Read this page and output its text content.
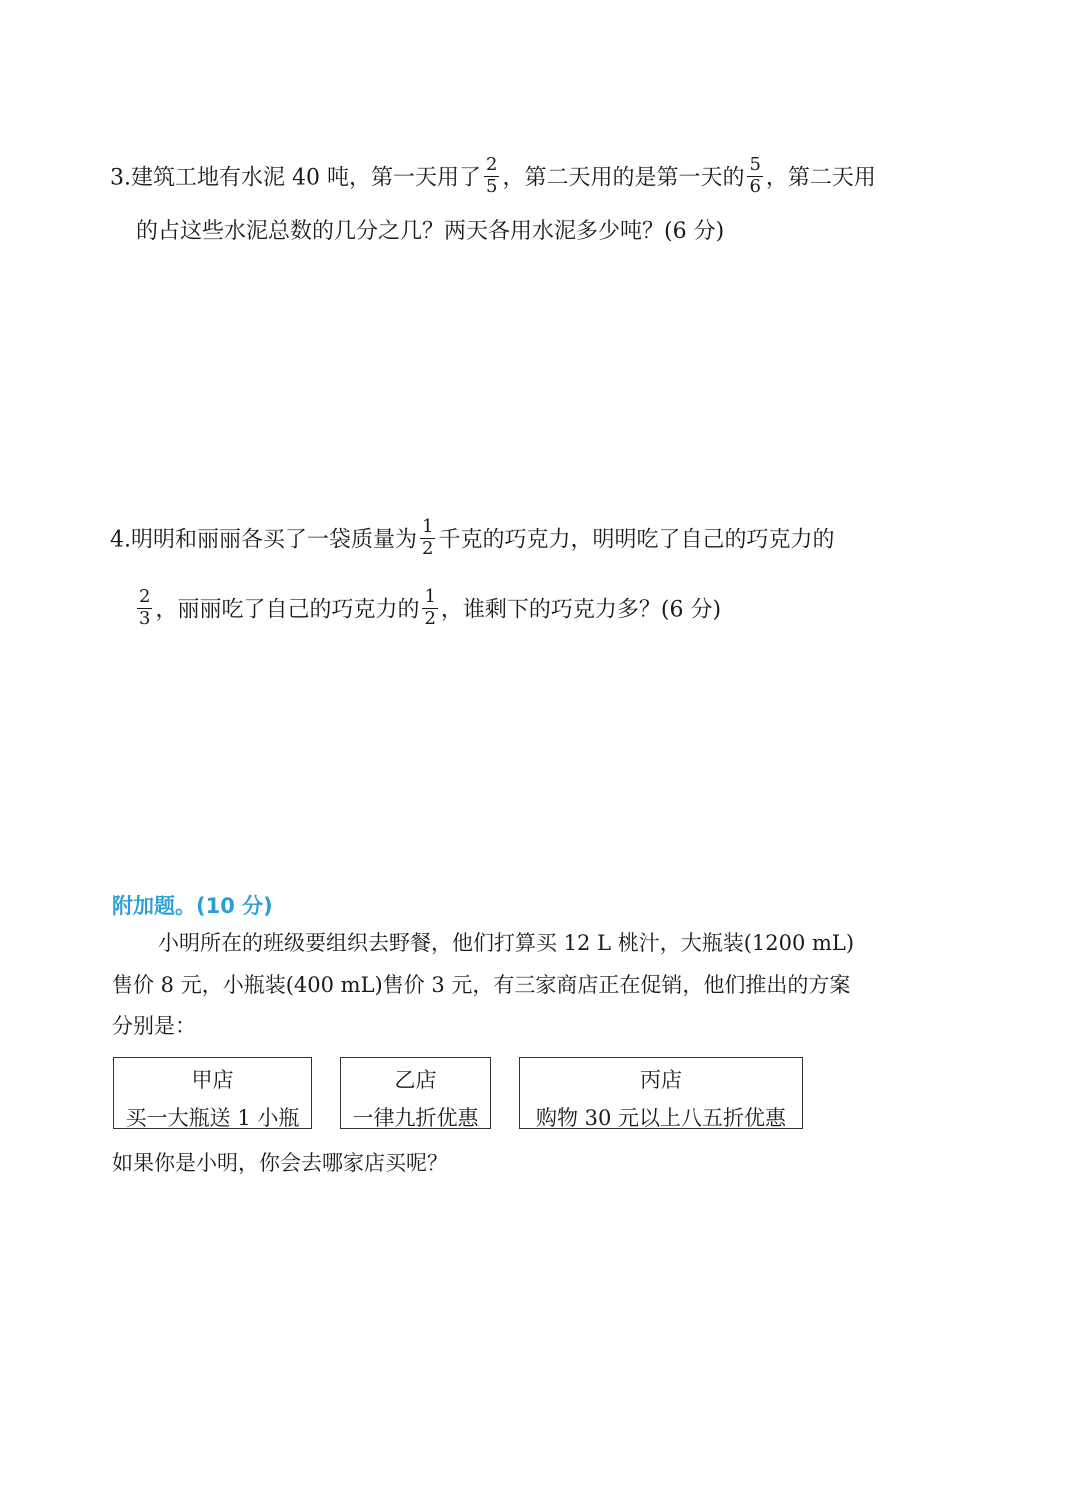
3.建筑工地有水泥 40 吨，第一天用了 $\frac{2}{5}$ ，第二天用的是第一天的 $\frac{5}{6}$ ，第二天用
的占这些水泥总数的几分之几？两天各用水泥多少吨？(6 分)
4.明明和丽丽各买了一袋质量为 $\frac{1}{2}$ 千克的巧克力，明明吃了自己的巧克力的
$\frac{2}{3}$ ，丽丽吃了自己的巧克力的 $\frac{1}{2}$ ，谁剩下的巧克力多？(6 分)
附加题。(10 分)
小明所在的班级要组织去野餐，他们打算买 12 L 桃汁，大瓶装(1200 mL)
售价 8 元，小瓶装(400 mL)售价 3 元，有三家商店正在促销，他们推出的方案
分别是：
甲店
买一大瓶送 1 小瓶
乙店
一律九折优惠
丙店
购物 30 元以上八五折优惠
如果你是小明，你会去哪家店买呢？
